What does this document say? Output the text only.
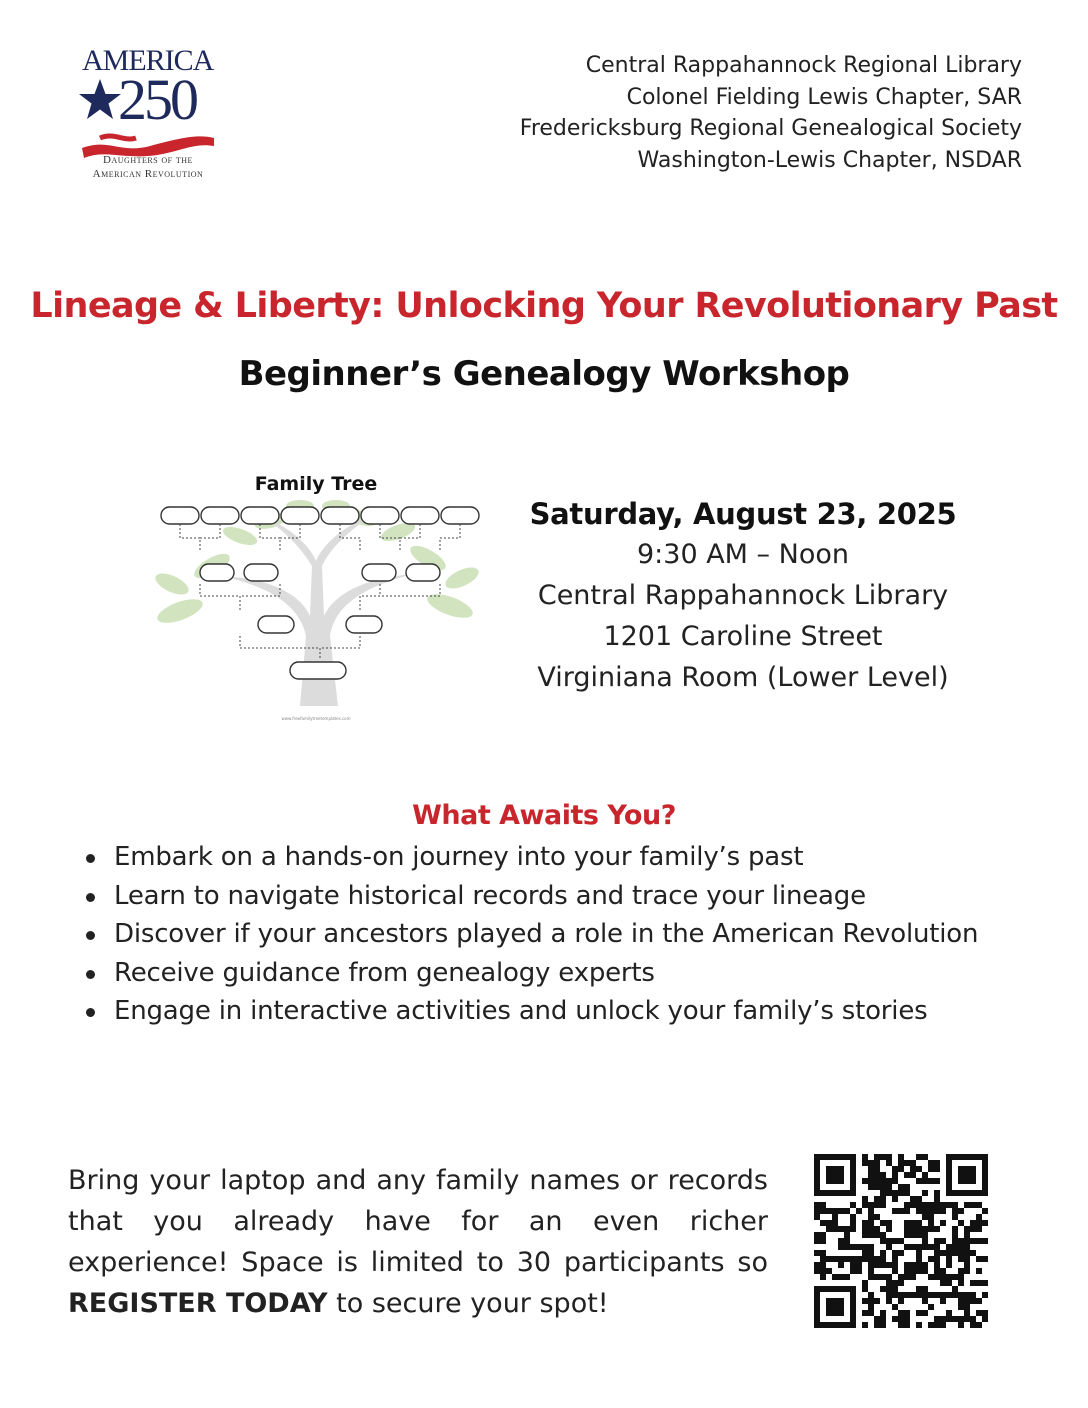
AMERICA
250
Daughters of the
American Revolution
Central Rappahannock Regional Library
Colonel Fielding Lewis Chapter, SAR
Fredericksburg Regional Genealogical Society
Washington-Lewis Chapter, NSDAR
Lineage & Liberty: Unlocking Your Revolutionary Past
Beginner’s Genealogy Workshop
Family Tree
www.freefamilytreetemplates.com
Saturday, August 23, 2025
9:30 AM – Noon
Central Rappahannock Library
1201 Caroline Street
Virginiana Room (Lower Level)
What Awaits You?
Embark on a hands-on journey into your family’s past
Learn to navigate historical records and trace your lineage
Discover if your ancestors played a role in the American Revolution
Receive guidance from genealogy experts
Engage in interactive activities and unlock your family’s stories
Bring your laptop and any family names or records that you already have for an even richer experience! Space is limited to 30 participants so REGISTER TODAY to secure your spot!
